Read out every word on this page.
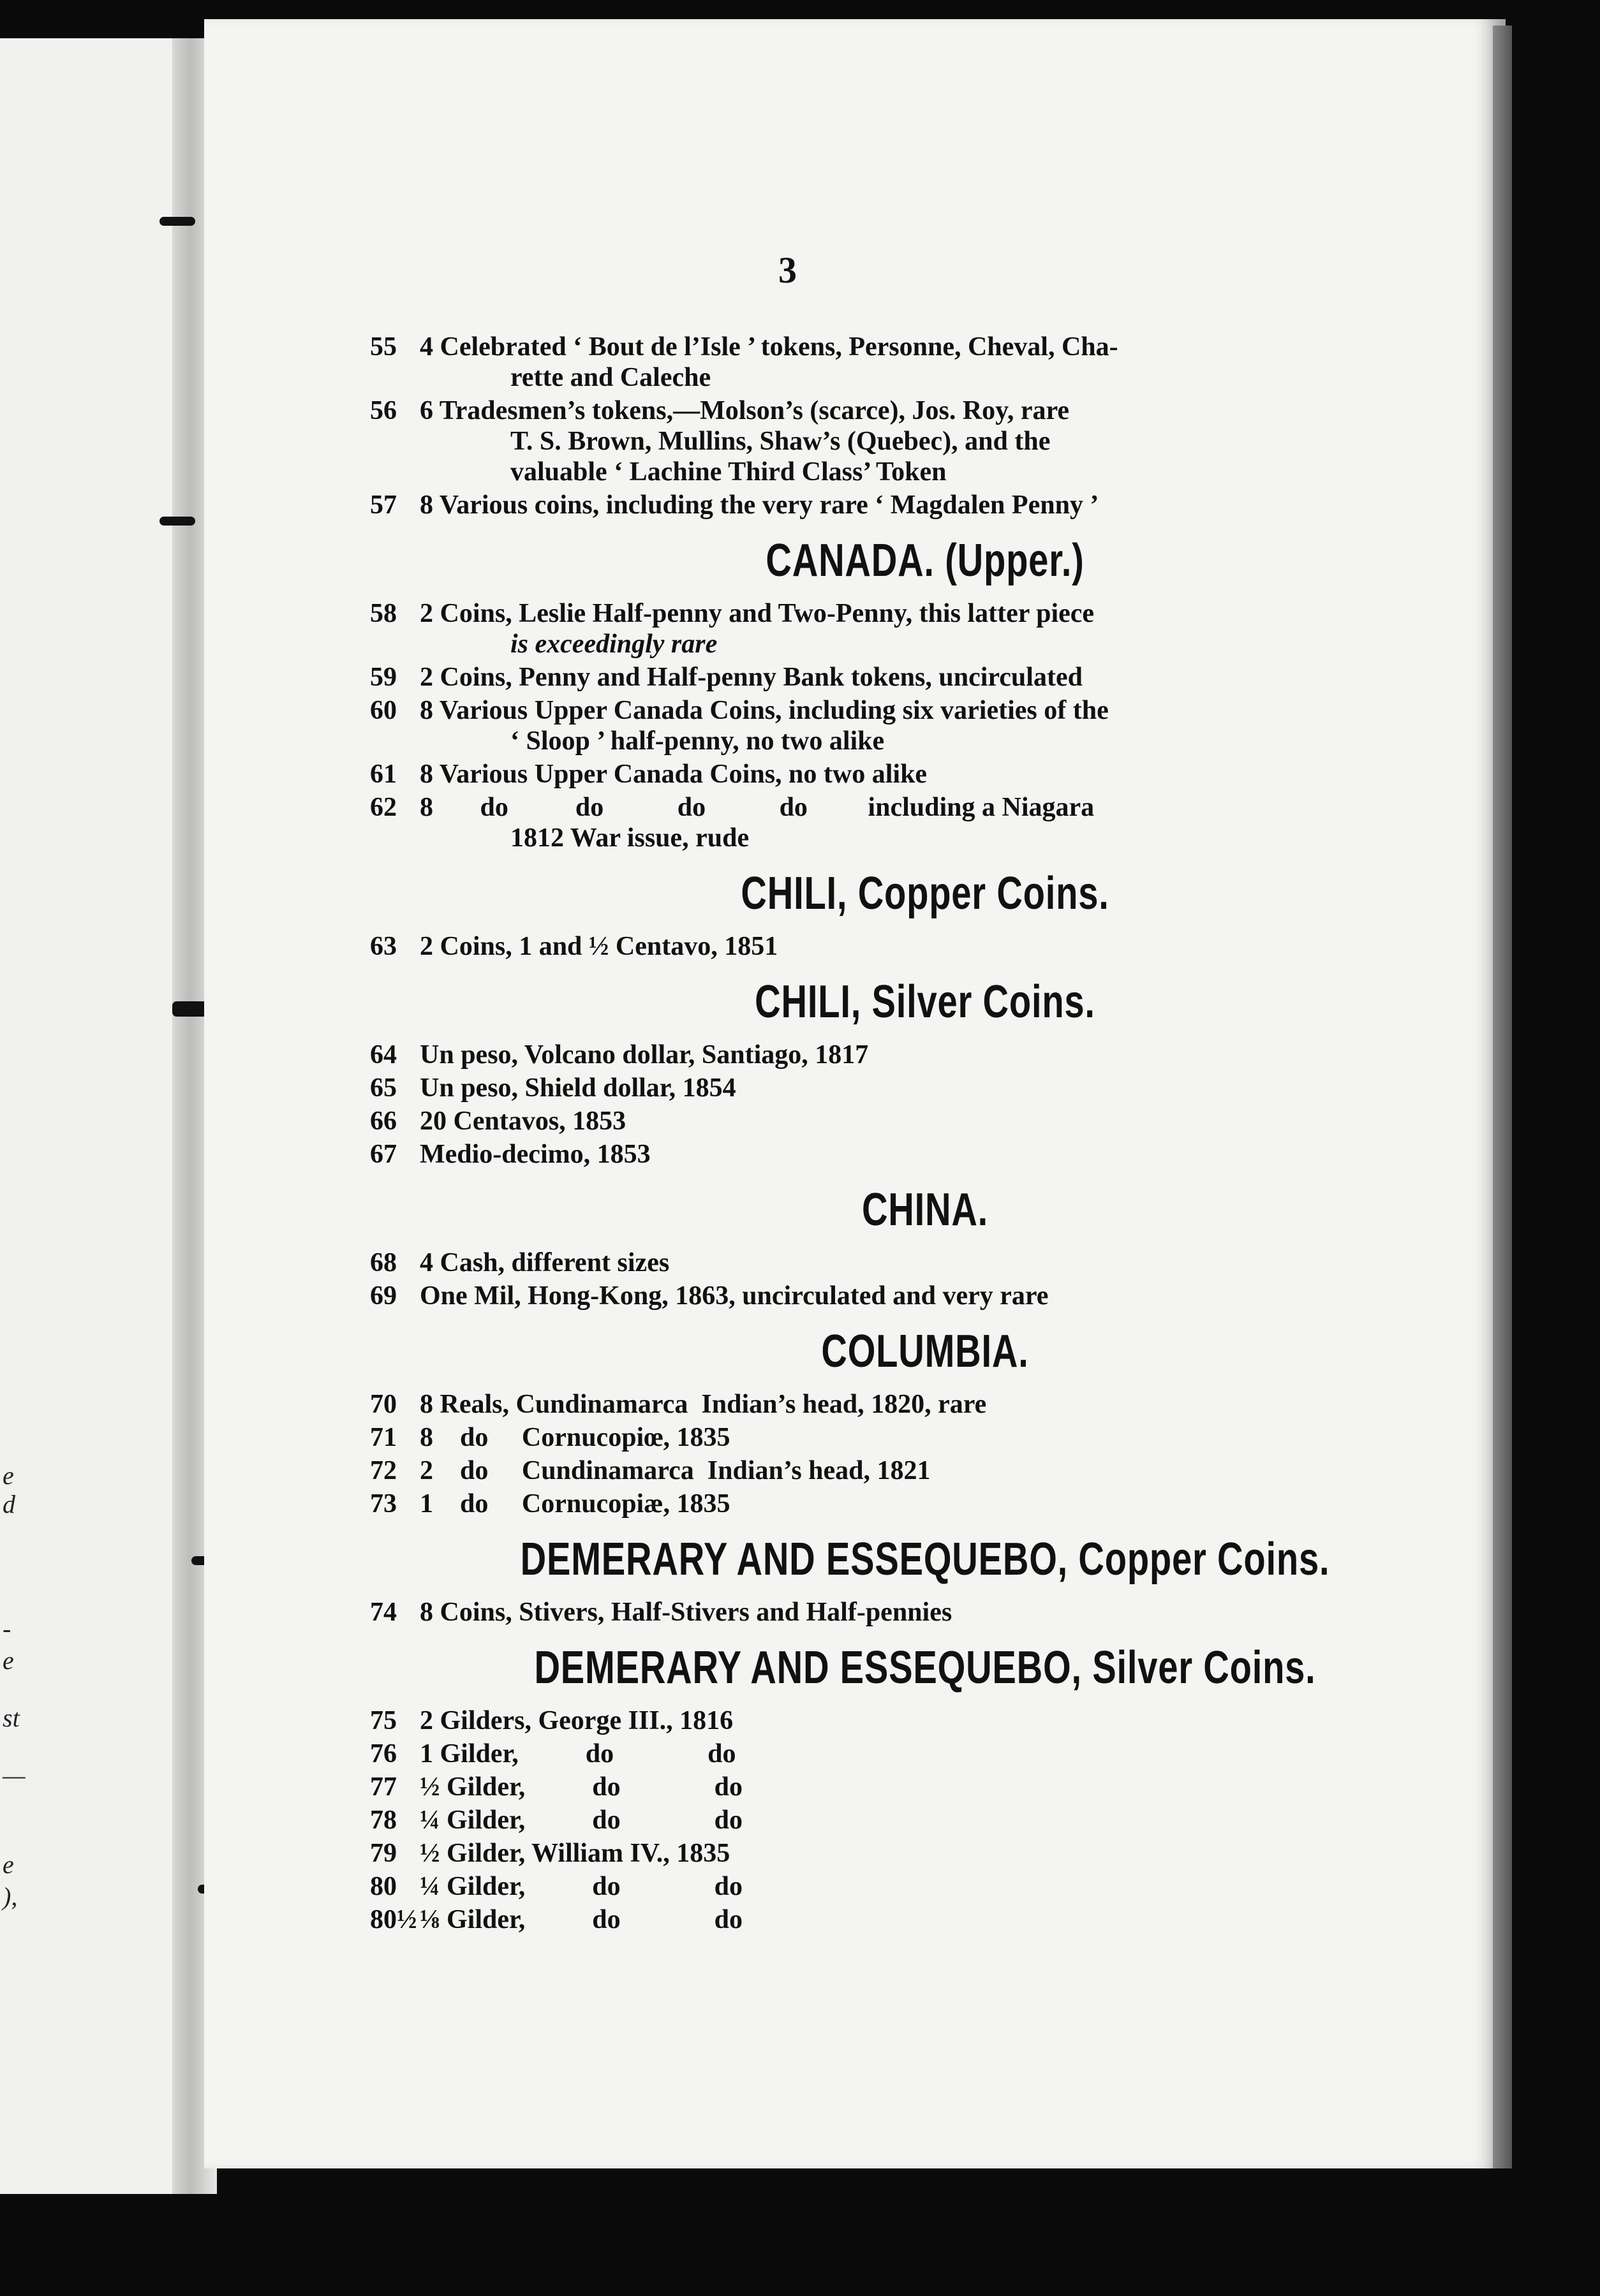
e
d
-
e
st
—
e
),
3
55 4 Celebrated ‘ Bout de l’Isle ’ tokens, Personne, Cheval, Cha-
rette and Caleche
56 6 Tradesmen’s tokens,—Molson’s (scarce), Jos. Roy, rare
T. S. Brown, Mullins, Shaw’s (Quebec), and the
valuable ‘ Lachine Third Class’ Token
57 8 Various coins, including the very rare ‘ Magdalen Penny ’
CANADA. (Upper.)
58 2 Coins, Leslie Half-penny and Two-Penny, this latter piece
is exceedingly rare
59 2 Coins, Penny and Half-penny Bank tokens, uncirculated
60 8 Various Upper Canada Coins, including six varieties of the
‘ Sloop ’ half-penny, no two alike
61 8 Various Upper Canada Coins, no two alike
62 8       do          do           do           do         including a Niagara
1812 War issue, rude
CHILI, Copper Coins.
63 2 Coins, 1 and ½ Centavo, 1851
CHILI, Silver Coins.
64 Un peso, Volcano dollar, Santiago, 1817
65 Un peso, Shield dollar, 1854
66 20 Centavos, 1853
67 Medio-decimo, 1853
CHINA.
68 4 Cash, different sizes
69 One Mil, Hong-Kong, 1863, uncirculated and very rare
COLUMBIA.
70 8 Reals, Cundinamarca  Indian’s head, 1820, rare
71 8    do     Cornucopiœ, 1835
72 2    do     Cundinamarca  Indian’s head, 1821
73 1    do     Cornucopiæ, 1835
DEMERARY AND ESSEQUEBO, Copper Coins.
74 8 Coins, Stivers, Half-Stivers and Half-pennies
DEMERARY AND ESSEQUEBO, Silver Coins.
75 2 Gilders, George III., 1816
76 1 Gilder,          do              do
77 ½ Gilder,          do              do
78 ¼ Gilder,          do              do
79 ½ Gilder, William IV., 1835
80 ¼ Gilder,          do              do
80½ ⅛ Gilder,          do              do
